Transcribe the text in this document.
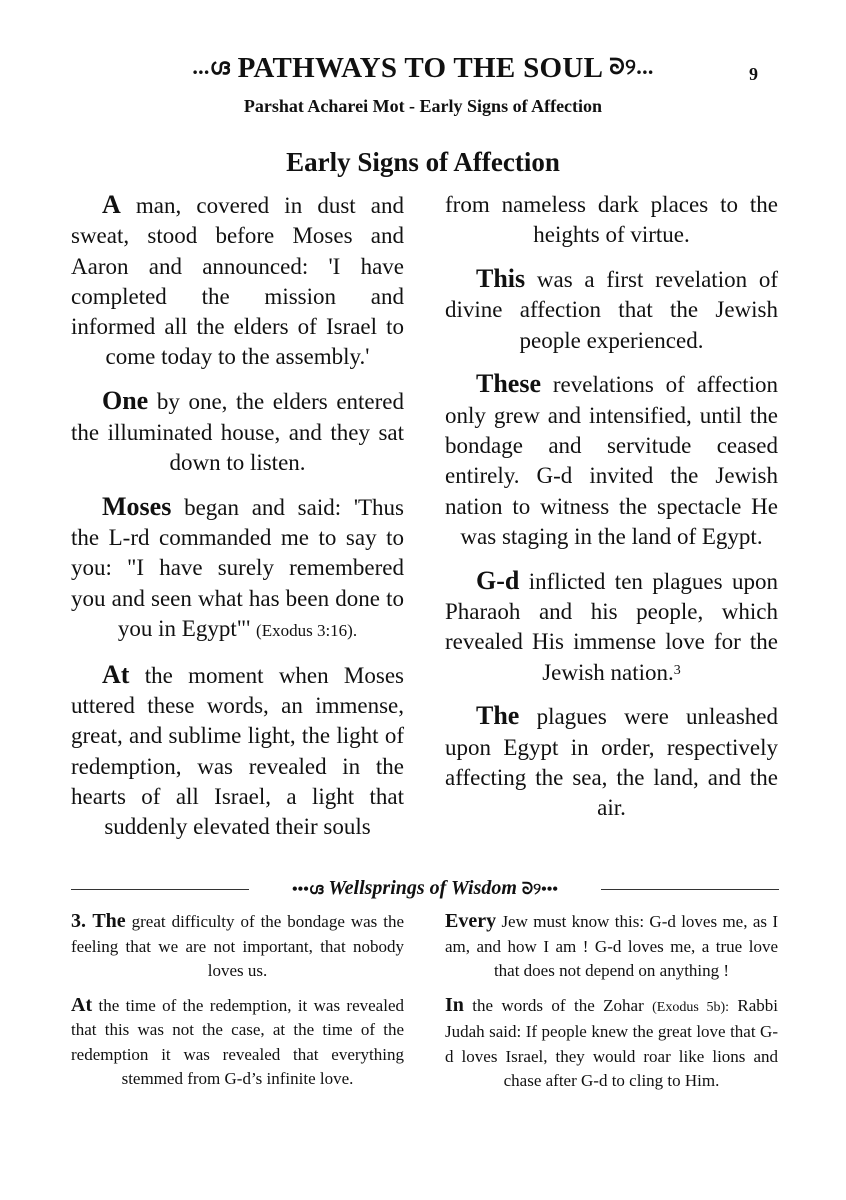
...ഗ്ദ PATHWAYS TO THE SOUL ᘐ୨...	9
Parshat Acharei Mot - Early Signs of Affection
Early Signs of Affection

A man, covered in dust and sweat, stood before Moses and Aaron and announced: 'I have completed the mission and informed all the elders of Israel to come today to the assembly.'

One by one, the elders entered the illuminated house, and they sat down to listen.

Moses began and said: 'Thus the L-rd commanded me to say to you: "I have surely remembered you and seen what has been done to you in Egypt"' (Exodus 3:16).

At the moment when Moses uttered these words, an immense, great, and sublime light, the light of redemption, was revealed in the hearts of all Israel, a light that suddenly elevated their souls

from nameless dark places to the heights of virtue.

This was a first revelation of divine affection that the Jewish people experienced.

These revelations of affection only grew and intensified, until the bondage and servitude ceased entirely. G-d invited the Jewish nation to witness the spectacle He was staging in the land of Egypt.

G-d inflicted ten plagues upon Pharaoh and his people, which revealed His immense love for the Jewish nation.$^3$

The plagues were unleashed upon Egypt in order, respectively affecting the sea, the land, and the air.

•••ഗ്ദ Wellsprings of Wisdom ᘐ୨•••

3. The great difficulty of the bondage was the feeling that we are not important, that nobody loves us.

At the time of the redemption, it was revealed that this was not the case, at the time of the redemption it was revealed that everything stemmed from G-d’s infinite love.

Every Jew must know this: G-d loves me, as I am, and how I am ! G-d loves me, a true love that does not depend on anything !

In the words of the Zohar (Exodus 5b): Rabbi Judah said: If people knew the great love that G-d loves Israel, they would roar like lions and chase after G-d to cling to Him.
